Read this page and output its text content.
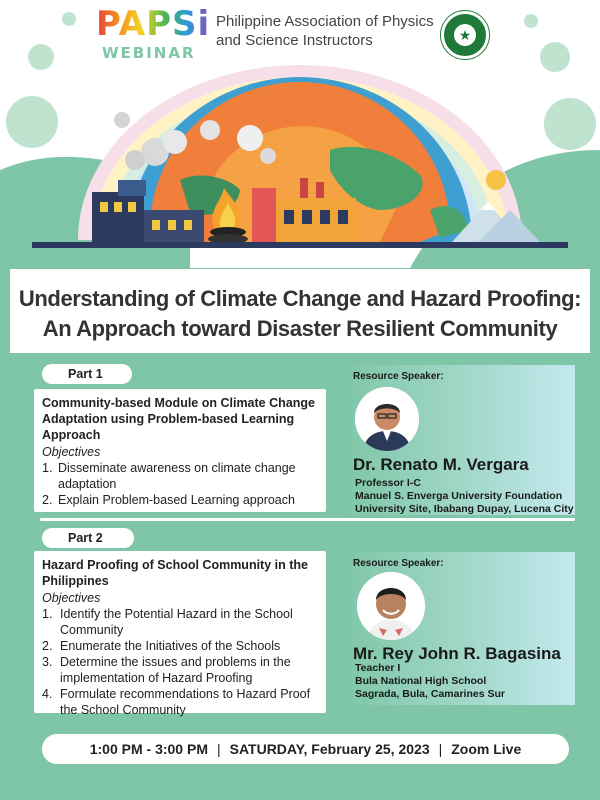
PAPSi
WEBINAR
Philippine Association of Physics and Science Instructors	★
Understanding of Climate Change and Hazard Proofing:
An Approach toward Disaster Resilient Community
Part 1
Community-based Module on Climate Change Adaptation using Problem-based Learning Approach
Objectives
1. Disseminate awareness on climate change adaptation
2. Explain Problem-based Learning approach
Resource Speaker:
Dr. Renato M. Vergara
Professor I-C
Manuel S. Enverga University Foundation
University Site, Ibabang Dupay, Lucena City
Part 2
Hazard Proofing of School Community in the Philippines
Objectives
1. Identify the Potential Hazard in the School Community
2. Enumerate the Initiatives of the Schools
3. Determine the issues and problems in the implementation of Hazard Proofing
4. Formulate recommendations to Hazard Proof the School Community
Resource Speaker:
Mr. Rey John R. Bagasina
Teacher I
Bula National High School
Sagrada, Bula, Camarines Sur
1:00 PM - 3:00 PM | SATURDAY, February 25, 2023 | Zoom Live
